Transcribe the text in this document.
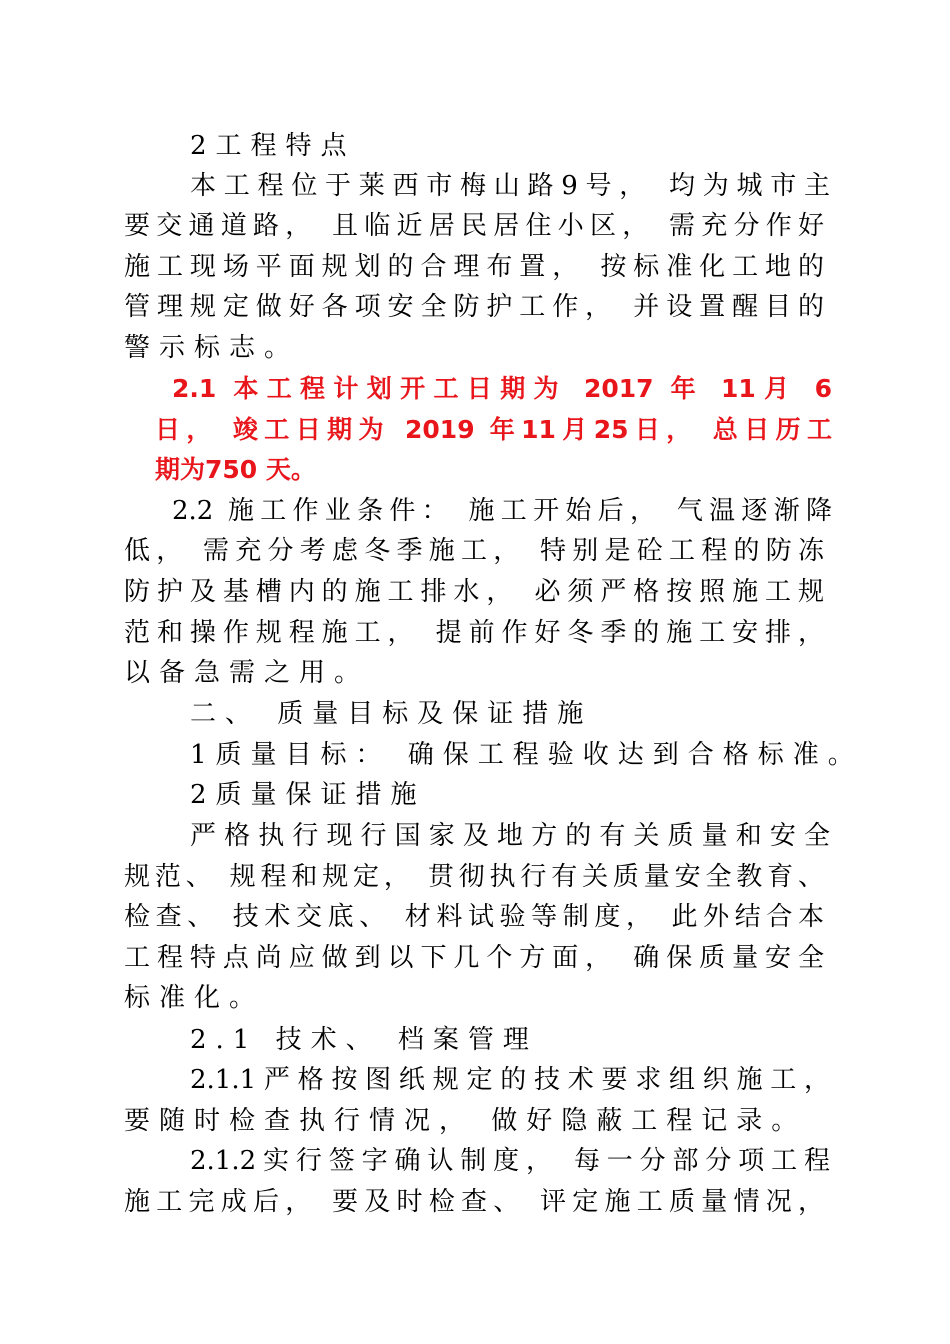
2工程特点
本工程位于莱西市梅山路9号， 均为城市主
要交通道路， 且临近居民居住小区， 需充分作好
施工现场平面规划的合理布置， 按标准化工地的
管理规定做好各项安全防护工作， 并设置醒目的
警示标志。
2.1 本工程计划开工日期为 2017 年 11月 6
日， 竣工日期为 2019 年11月25日， 总日历工
期为750 天。
2.2 施工作业条件： 施工开始后， 气温逐渐降
低， 需充分考虑冬季施工， 特别是砼工程的防冻
防护及基槽内的施工排水， 必须严格按照施工规
范和操作规程施工， 提前作好冬季的施工安排，
以备急需之用。
二、 质量目标及保证措施
1质量目标： 确保工程验收达到合格标准。
2质量保证措施
严格执行现行国家及地方的有关质量和安全
规范、 规程和规定， 贯彻执行有关质量安全教育、
检查、 技术交底、 材料试验等制度， 此外结合本
工程特点尚应做到以下几个方面， 确保质量安全
标准化。
2.1 技术、 档案管理
2.1.1严格按图纸规定的技术要求组织施工，
要随时检查执行情况， 做好隐蔽工程记录。
2.1.2实行签字确认制度， 每一分部分项工程
施工完成后， 要及时检查、 评定施工质量情况，
